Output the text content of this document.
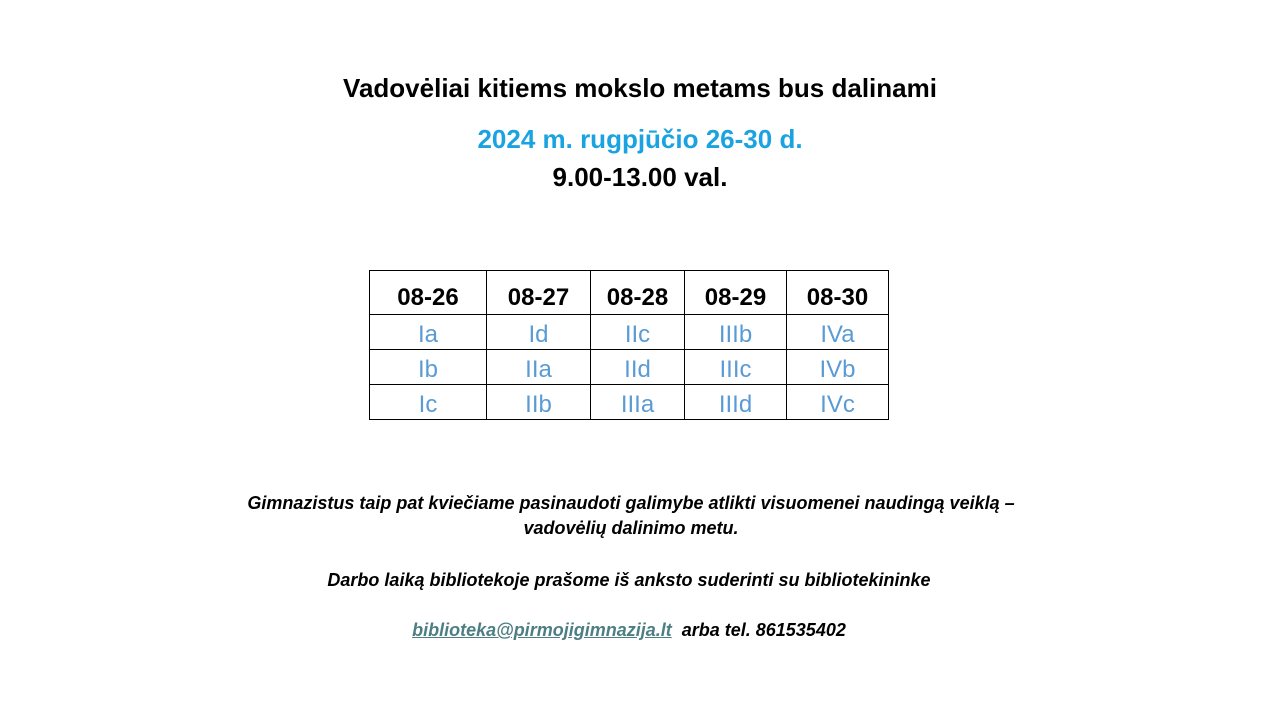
Vadovėliai kitiems mokslo metams bus dalinami
2024 m. rugpjūčio 26-30 d.
9.00-13.00 val.
08-26	08-27	08-28	08-29	08-30
Ia	Id	IIc	IIIb	IVa
Ib	IIa	IId	IIIc	IVb
Ic	IIb	IIIa	IIId	IVc
Gimnazistus taip pat kviečiame pasinaudoti galimybe atlikti visuomenei naudingą veiklą –
vadovėlių dalinimo metu.
Darbo laiką bibliotekoje prašome iš anksto suderinti su bibliotekininke
biblioteka@pirmojigimnazija.lt  arba tel. 861535402
